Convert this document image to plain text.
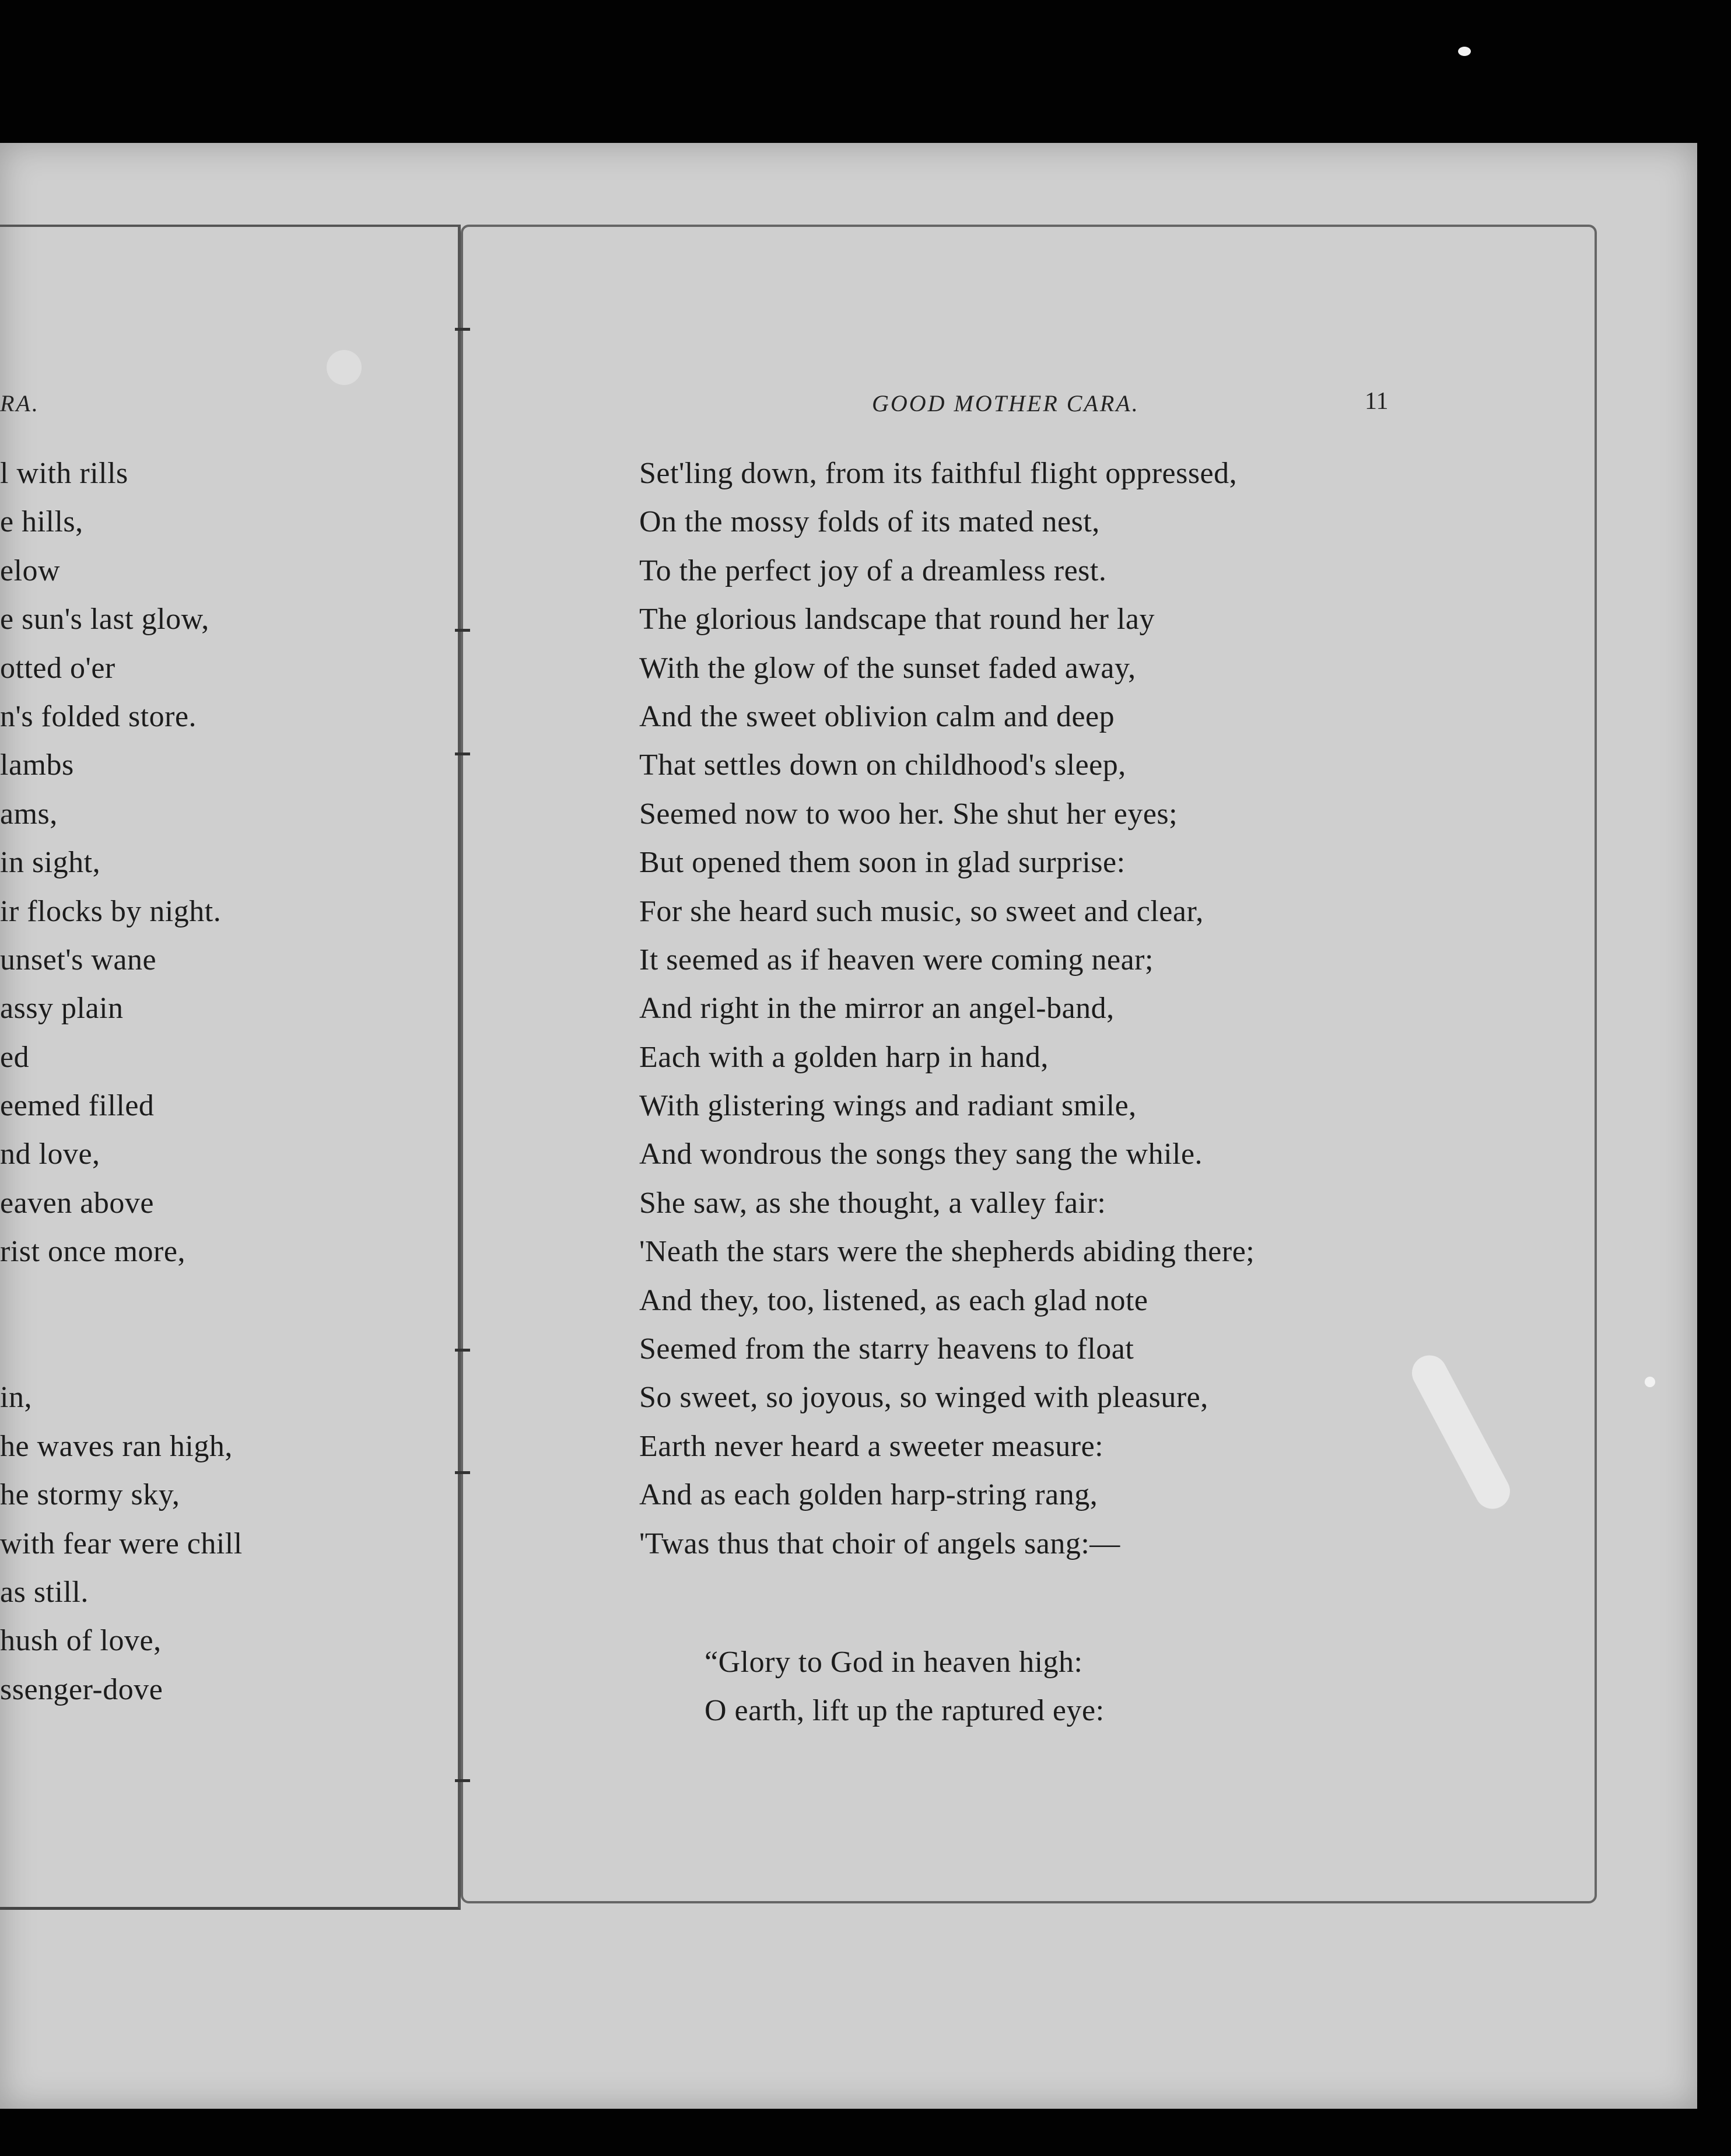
RA.
l with rills
e hills,
elow
e sun's last glow,
otted o'er
n's folded store.
lambs
ams,
in sight,
ir flocks by night.
unset's wane
assy plain
ed
eemed filled
nd love,
eaven above
rist once more,
in,
he waves ran high,
he stormy sky,
with fear were chill
as still.
hush of love,
ssenger-dove
GOOD MOTHER CARA.	11
Set'ling down, from its faithful flight oppressed,
On the mossy folds of its mated nest,
To the perfect joy of a dreamless rest.
The glorious landscape that round her lay
With the glow of the sunset faded away,
And the sweet oblivion calm and deep
That settles down on childhood's sleep,
Seemed now to woo her. She shut her eyes;
But opened them soon in glad surprise:
For she heard such music, so sweet and clear,
It seemed as if heaven were coming near;
And right in the mirror an angel-band,
Each with a golden harp in hand,
With glistering wings and radiant smile,
And wondrous the songs they sang the while.
She saw, as she thought, a valley fair:
'Neath the stars were the shepherds abiding there;
And they, too, listened, as each glad note
Seemed from the starry heavens to float
So sweet, so joyous, so winged with pleasure,
Earth never heard a sweeter measure:
And as each golden harp-string rang,
'Twas thus that choir of angels sang:—
“Glory to God in heaven high:
O earth, lift up the raptured eye:
